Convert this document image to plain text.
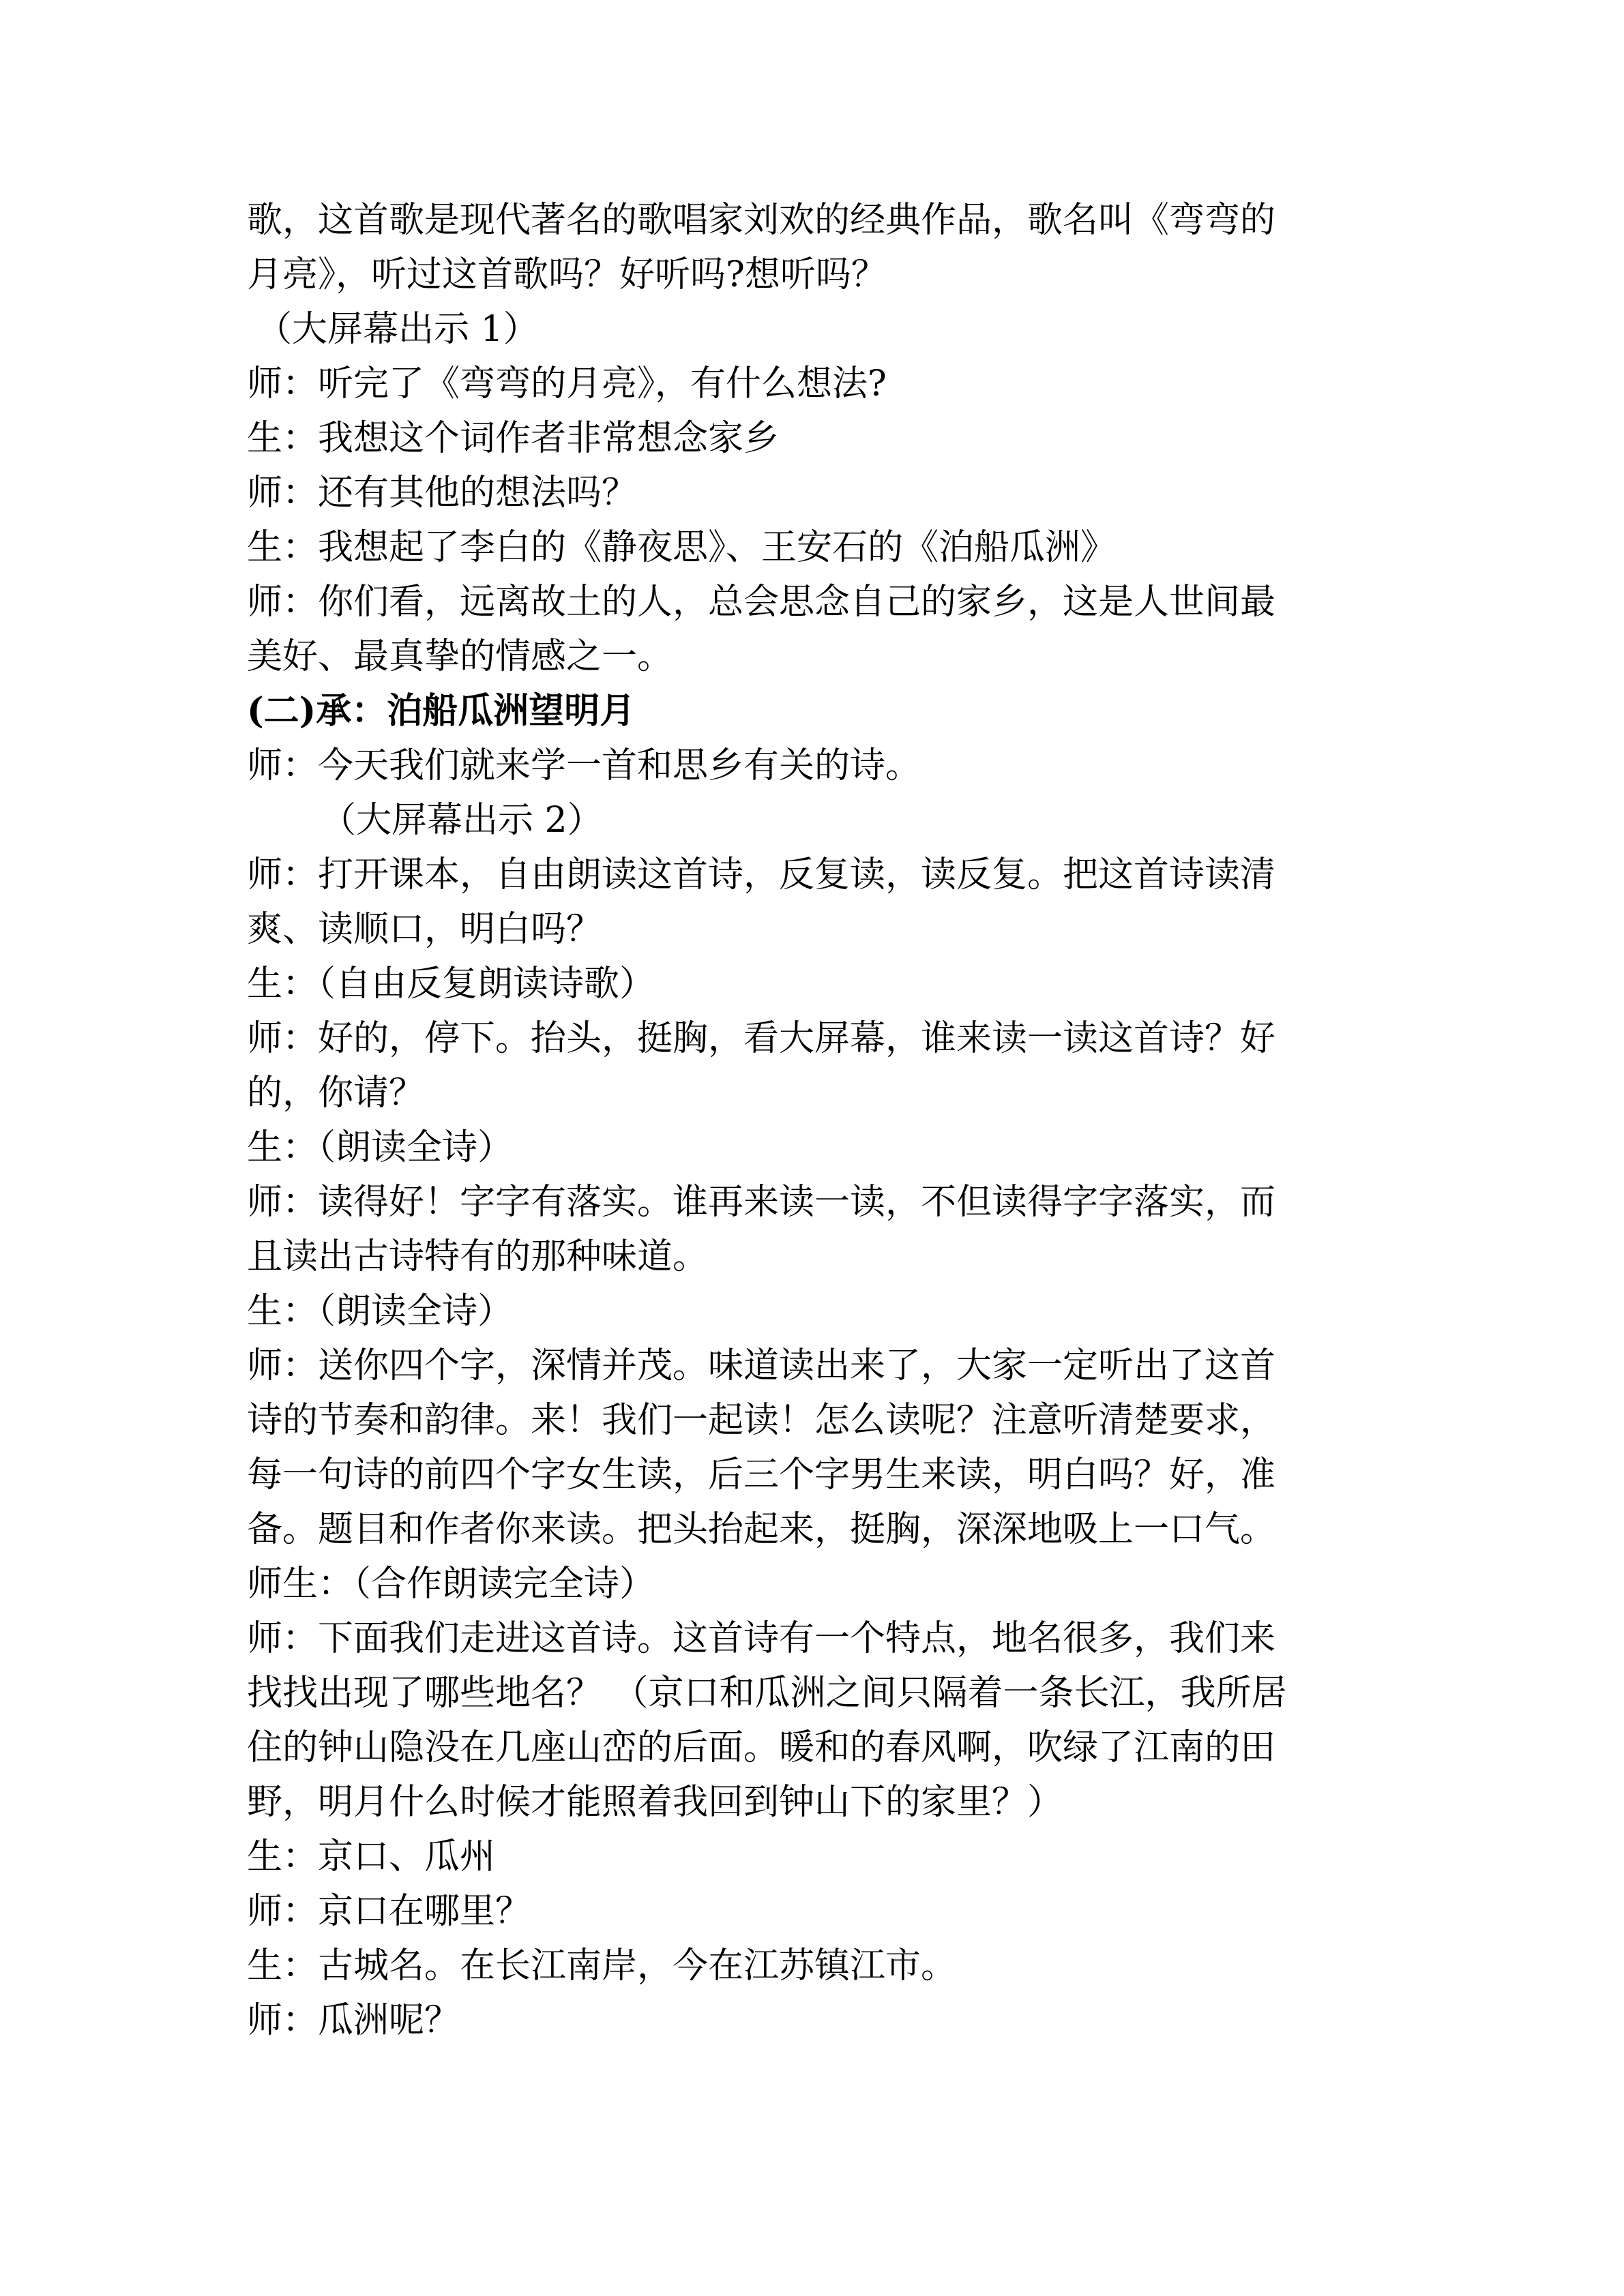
歌，这首歌是现代著名的歌唱家刘欢的经典作品，歌名叫《弯弯的
月亮》，听过这首歌吗？好听吗?想听吗？
（大屏幕出示 1）
师：听完了《弯弯的月亮》，有什么想法?
生：我想这个词作者非常想念家乡
师：还有其他的想法吗？
生：我想起了李白的《静夜思》、王安石的《泊船瓜洲》
师：你们看，远离故土的人，总会思念自己的家乡，这是人世间最
美好、最真挚的情感之一。
(二)承：泊船瓜洲望明月
师：今天我们就来学一首和思乡有关的诗。
（大屏幕出示 2）
师：打开课本，自由朗读这首诗，反复读，读反复。把这首诗读清
爽、读顺口，明白吗？
生：（自由反复朗读诗歌）
师：好的，停下。抬头，挺胸，看大屏幕，谁来读一读这首诗？好
的，你请？
生：（朗读全诗）
师：读得好！字字有落实。谁再来读一读，不但读得字字落实，而
且读出古诗特有的那种味道。
生：（朗读全诗）
师：送你四个字，深情并茂。味道读出来了，大家一定听出了这首
诗的节奏和韵律。来！我们一起读！怎么读呢？注意听清楚要求，
每一句诗的前四个字女生读，后三个字男生来读，明白吗？好，准
备。题目和作者你来读。把头抬起来，挺胸，深深地吸上一口气。
师生：（合作朗读完全诗）
师：下面我们走进这首诗。这首诗有一个特点，地名很多，我们来
找找出现了哪些地名？ （京口和瓜洲之间只隔着一条长江，我所居
住的钟山隐没在几座山峦的后面。暖和的春风啊，吹绿了江南的田
野，明月什么时候才能照着我回到钟山下的家里？）
生：京口、瓜州
师：京口在哪里？
生：古城名。在长江南岸，今在江苏镇江市。
师：瓜洲呢？
